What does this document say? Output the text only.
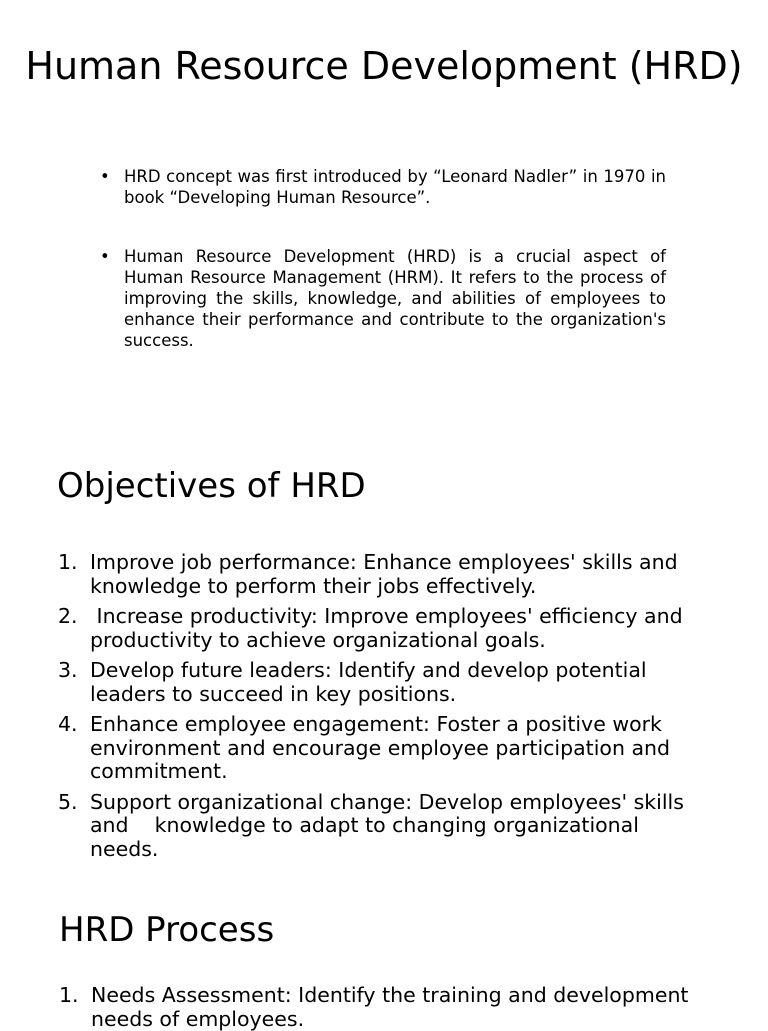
Human Resource Development (HRD)
• HRD concept was first introduced by “Leonard Nadler” in 1970 in book “Developing Human Resource”.
• Human Resource Development (HRD) is a crucial aspect of Human Resource Management (HRM). It refers to the process of improving the skills, knowledge, and abilities of employees to enhance their performance and contribute to the organization's success.
Objectives of HRD
1. Improve job performance: Enhance employees' skills and knowledge to perform their jobs effectively.
2. Increase productivity: Improve employees' efficiency and productivity to achieve organizational goals.
3. Develop future leaders: Identify and develop potential leaders to succeed in key positions.
4. Enhance employee engagement: Foster a positive work environment and encourage employee participation and commitment.
5. Support organizational change: Develop employees' skills and    knowledge to adapt to changing organizational needs.
HRD Process
1. Needs Assessment: Identify the training and development needs of employees.
